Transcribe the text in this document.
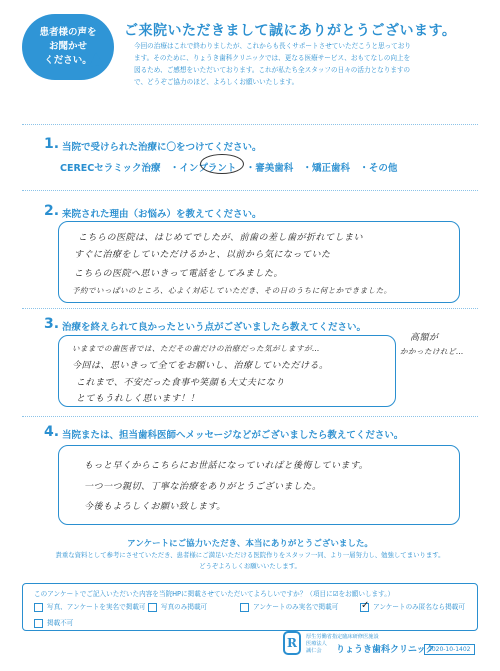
患者様の声を
お聞かせ
ください。
ご来院いただきまして誠にありがとうございます。
今回の治療はこれで終わりましたが、これからも長くサポートさせていただこうと思っており
ます。そのために、りょうき歯科クリニックでは、更なる医療サービス、おもてなしの向上を
図るため、ご感想をいただいております。これが私たち全スタッフの日々の活力となりますの
で、どうぞご協力のほど、よろしくお願いいたします。
1. 当院で受けられた治療に〇をつけてください。
CERECセラミック治療 ・インプラント ・審美歯科 ・矯正歯科 ・その他
2. 来院された理由（お悩み）を教えてください。
こちらの医院は、はじめてでしたが、前歯の差し歯が折れてしまい
すぐに治療をしていただけるかと、以前から気になっていた
こちらの医院へ思いきって電話をしてみました。
予約でいっぱいのところ、心よく対応していただき、その日のうちに何とかできました。
3. 治療を終えられて良かったという点がございましたら教えてください。
いままでの歯医者では、ただその歯だけの治療だった気がしますが…
今回は、思いきって全てをお願いし、治療していただける。
これまで、不安だった食事や笑顔も大丈夫になり
とてもうれしく思います！！
高額が
かかったけれど…
4. 当院または、担当歯科医師へメッセージなどがございましたら教えてください。
もっと早くからこちらにお世話になっていればと後悔しています。
一つ一つ親切、丁寧な治療をありがとうございました。
今後もよろしくお願い致します。
アンケートにご協力いただき、本当にありがとうございました。
貴重な資料として参考にさせていただき、患者様にご満足いただける医院作りをスタッフ一同、より一層努力し、勉強してまいります。
どうぞよろしくお願いいたします。
このアンケートでご記入いただいた内容を当院HPに掲載させていただいてよろしいですか？（項目に☑をお願いします。）
写真、アンケートを実名で掲載可	写真のみ掲載可	アンケートのみ実名で掲載可
✓	アンケートのみ匿名なら掲載可
掲載不可
R	厚生労働省指定臨床研修医施設
医療法人
誠仁会	りょうき歯科クリニック
2020-10-1402
